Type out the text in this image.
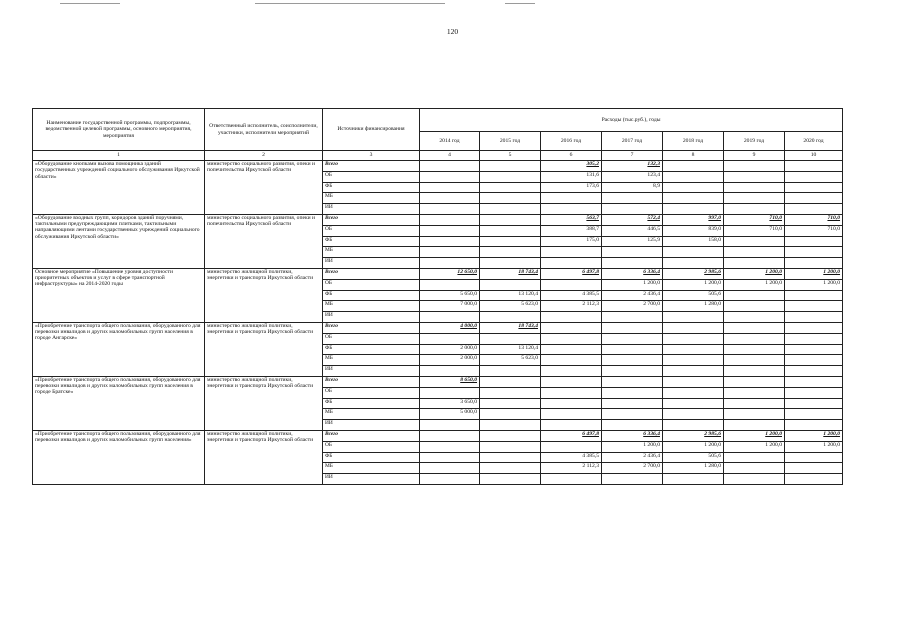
120
Наименование государственной программы, подпрограммы, ведомственной целевой программы, основного мероприятия, мероприятия	Ответственный исполнитель, соисполнители, участники, исполнители мероприятий	Источники финансирования	Расходы (тыс.руб.), годы						
			2014 год	2015 год	2016 год	2017 год	2018 год	2019 год	2020 год
1	2	3	4	5	6	7	8	9	10
«Оборудование кнопками вызова помощника зданий государственных учреждений социального обслуживания Иркутской области»	министерство социального развития, опеки и попечительства Иркутской области	Всего			305,2	132,3			
		ОБ			131,6	123,4			
		ФБ			173,6	8,9			
		МБ							
		ИИ							
«Оборудование входных групп, коридоров зданий поручнями, тактильными предупреждающими плитками, тактильными направляющими лентами государственных учреждений социального обслуживания Иркутской области»	министерство социального развития, опеки и попечительства Иркутской области	Всего			563,7	572,4	997,0	710,0	710,0
		ОБ			388,7	446,5	839,0	710,0	710,0
		ФБ			175,0	125,9	158,0		
		МБ							
		ИИ							
Основное мероприятие «Повышение уровня доступности приоритетных объектов и услуг в сфере транспортной инфраструктуры» на 2014-2020 годы	министерство жилищной политики, энергетики и транспорта Иркутской области	Всего	12 650,0	18 743,4	6 497,8	6 336,4	2 985,6	1 200,0	1 200,0
		ОБ				1 200,0	1 200,0	1 200,0	1 200,0
		ФБ	5 650,0	13 120,4	4 385,5	2 436,4	505,6		
		МБ	7 000,0	5 623,0	2 112,3	2 700,0	1 280,0		
		ИИ							
«Приобретение транспорта общего пользования, оборудованного для перевозки инвалидов и других маломобильных групп населения в городе Ангарске»	министерство жилищной политики, энергетики и транспорта Иркутской области	Всего	4 000,0	18 743,4					
		ОБ							
		ФБ	2 000,0	13 120,4					
		МБ	2 000,0	5 623,0					
		ИИ							
«Приобретение транспорта общего пользования, оборудованного для перевозки инвалидов и других маломобильных групп населения в городе Братске»	министерство жилищной политики, энергетики и транспорта Иркутской области	Всего	8 650,0						
		ОБ							
		ФБ	3 650,0						
		МБ	5 000,0						
		ИИ							
«Приобретение транспорта общего пользования, оборудованного для перевозки инвалидов и других маломобильных групп населения»	министерство жилищной политики, энергетики и транспорта Иркутской области	Всего			6 497,8	6 336,4	2 985,6	1 200,0	1 200,0
		ОБ				1 200,0	1 200,0	1 200,0	1 200,0
		ФБ			4 385,5	2 436,4	505,6		
		МБ			2 112,3	2 700,0	1 280,0		
		ИИ							
